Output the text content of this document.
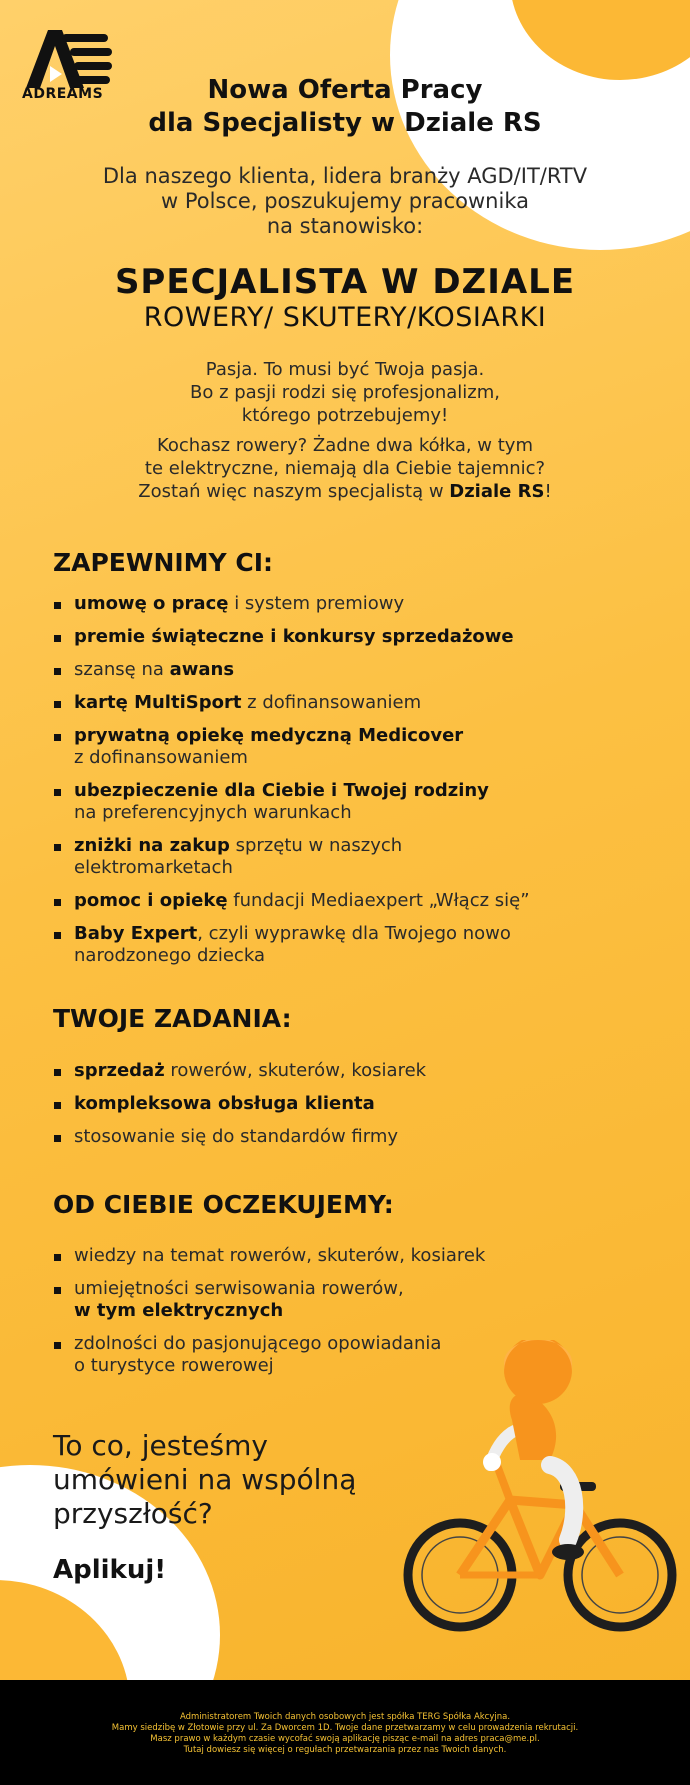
ADREAMS	Nowa Oferta Pracy
dla Specjalisty w Dziale RS
Dla naszego klienta, lidera branży AGD/IT/RTV
w Polsce, poszukujemy pracownika
na stanowisko:
SPECJALISTA W DZIALE
ROWERY/ SKUTERY/KOSIARKI
Pasja. To musi być Twoja pasja.
Bo z pasji rodzi się profesjonalizm,
którego potrzebujemy!
Kochasz rowery? Żadne dwa kółka, w tym
te elektryczne, niemają dla Ciebie tajemnic?
Zostań więc naszym specjalistą w Dziale RS!
ZAPEWNIMY CI:
umowę o pracę i system premiowy
premie świąteczne i konkursy sprzedażowe
szansę na awans
kartę MultiSport z dofinansowaniem
prywatną opiekę medyczną Medicover
z dofinansowaniem
ubezpieczenie dla Ciebie i Twojej rodziny
na preferencyjnych warunkach
zniżki na zakup sprzętu w naszych
elektromarketach
pomoc i opiekę fundacji Mediaexpert „Włącz się”
Baby Expert, czyli wyprawkę dla Twojego nowo
narodzonego dziecka
TWOJE ZADANIA:
sprzedaż rowerów, skuterów, kosiarek
kompleksowa obsługa klienta
stosowanie się do standardów firmy
OD CIEBIE OCZEKUJEMY:
wiedzy na temat rowerów, skuterów, kosiarek
umiejętności serwisowania rowerów,
w tym elektrycznych
zdolności do pasjonującego opowiadania
o turystyce rowerowej
To co, jesteśmy
umówieni na wspólną
przyszłość?
Aplikuj!
Administratorem Twoich danych osobowych jest spółka TERG Spółka Akcyjna.
Mamy siedzibę w Złotowie przy ul. Za Dworcem 1D. Twoje dane przetwarzamy w celu prowadzenia rekrutacji.
Masz prawo w każdym czasie wycofać swoją aplikację pisząc e-mail na adres praca@me.pl.
Tutaj dowiesz się więcej o regułach przetwarzania przez nas Twoich danych.
